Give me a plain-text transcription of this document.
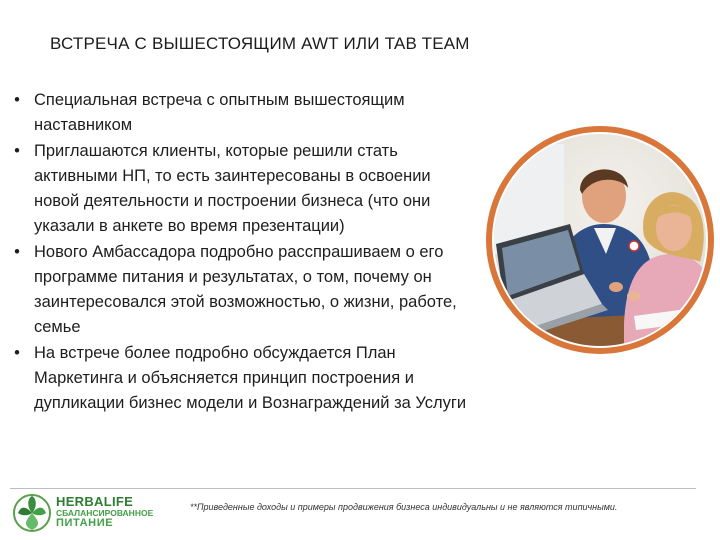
ВСТРЕЧА С ВЫШЕСТОЯЩИМ AWT ИЛИ TAB TEAM
• Специальная встреча с опытным вышестоящим наставником
• Приглашаются клиенты, которые решили стать активными НП, то есть заинтересованы в освоении новой деятельности и построении бизнеса (что они указали в анкете во время презентации)
• Нового Амбассадора подробно расспрашиваем о его программе питания и результатах, о том, почему он заинтересовался этой возможностью, о жизни, работе, семье
• На встрече более подробно обсуждается План Маркетинга и объясняется принцип построения и дупликации бизнес модели и Вознаграждений за Услуги
HERBALIFE
СБАЛАНСИРОВАННОЕ
ПИТАНИЕ
**Приведенные доходы и примеры продвижения бизнеса индивидуальны и не являются типичными.
